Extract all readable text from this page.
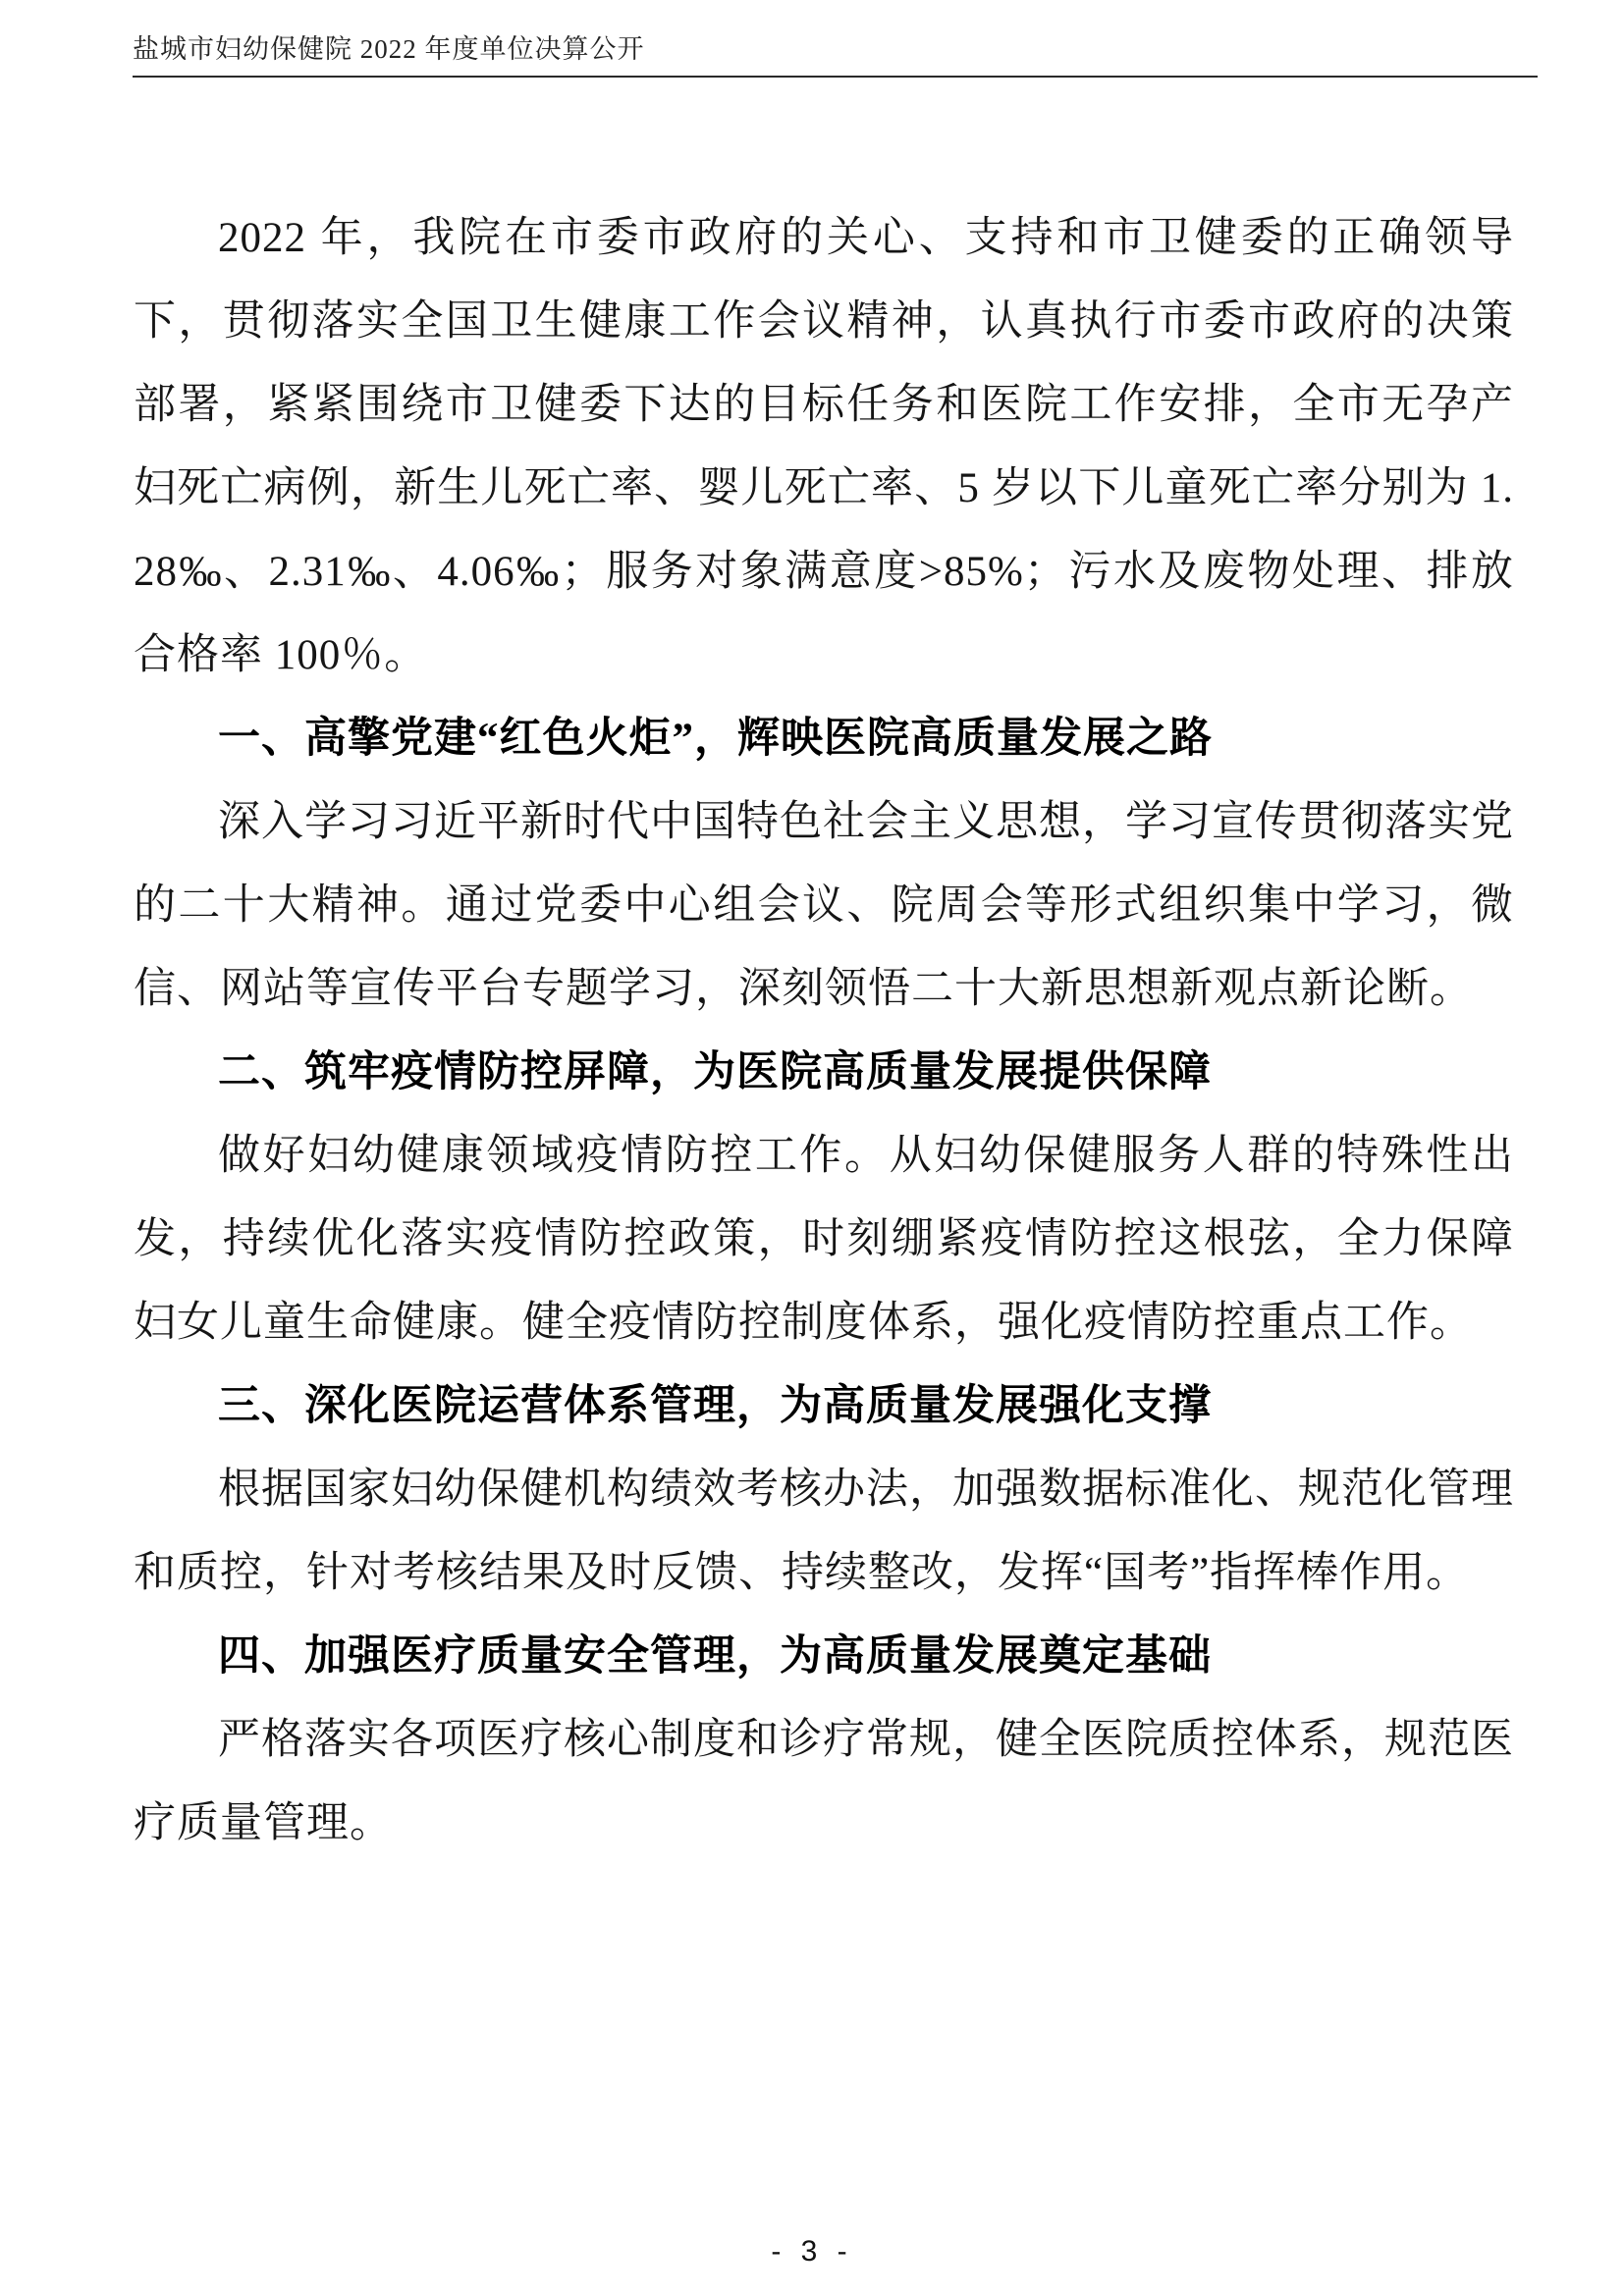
盐城市妇幼保健院 2022 年度单位决算公开

2022 年，我院在市委市政府的关心、支持和市卫健委的正确领导下，贯彻落实全国卫生健康工作会议精神，认真执行市委市政府的决策部署，紧紧围绕市卫健委下达的目标任务和医院工作安排，全市无孕产妇死亡病例，新生儿死亡率、婴儿死亡率、5 岁以下儿童死亡率分别为 1.28‰、2.31‰、4.06‰；服务对象满意度>85%；污水及废物处理、排放合格率 100％。

一、高擎党建“红色火炬”，辉映医院高质量发展之路

深入学习习近平新时代中国特色社会主义思想，学习宣传贯彻落实党的二十大精神。通过党委中心组会议、院周会等形式组织集中学习，微信、网站等宣传平台专题学习，深刻领悟二十大新思想新观点新论断。

二、筑牢疫情防控屏障，为医院高质量发展提供保障

做好妇幼健康领域疫情防控工作。从妇幼保健服务人群的特殊性出发，持续优化落实疫情防控政策，时刻绷紧疫情防控这根弦，全力保障妇女儿童生命健康。健全疫情防控制度体系，强化疫情防控重点工作。

三、深化医院运营体系管理，为高质量发展强化支撑

根据国家妇幼保健机构绩效考核办法，加强数据标准化、规范化管理和质控，针对考核结果及时反馈、持续整改，发挥“国考”指挥棒作用。

四、加强医疗质量安全管理，为高质量发展奠定基础

严格落实各项医疗核心制度和诊疗常规，健全医院质控体系，规范医疗质量管理。

- 3 -
